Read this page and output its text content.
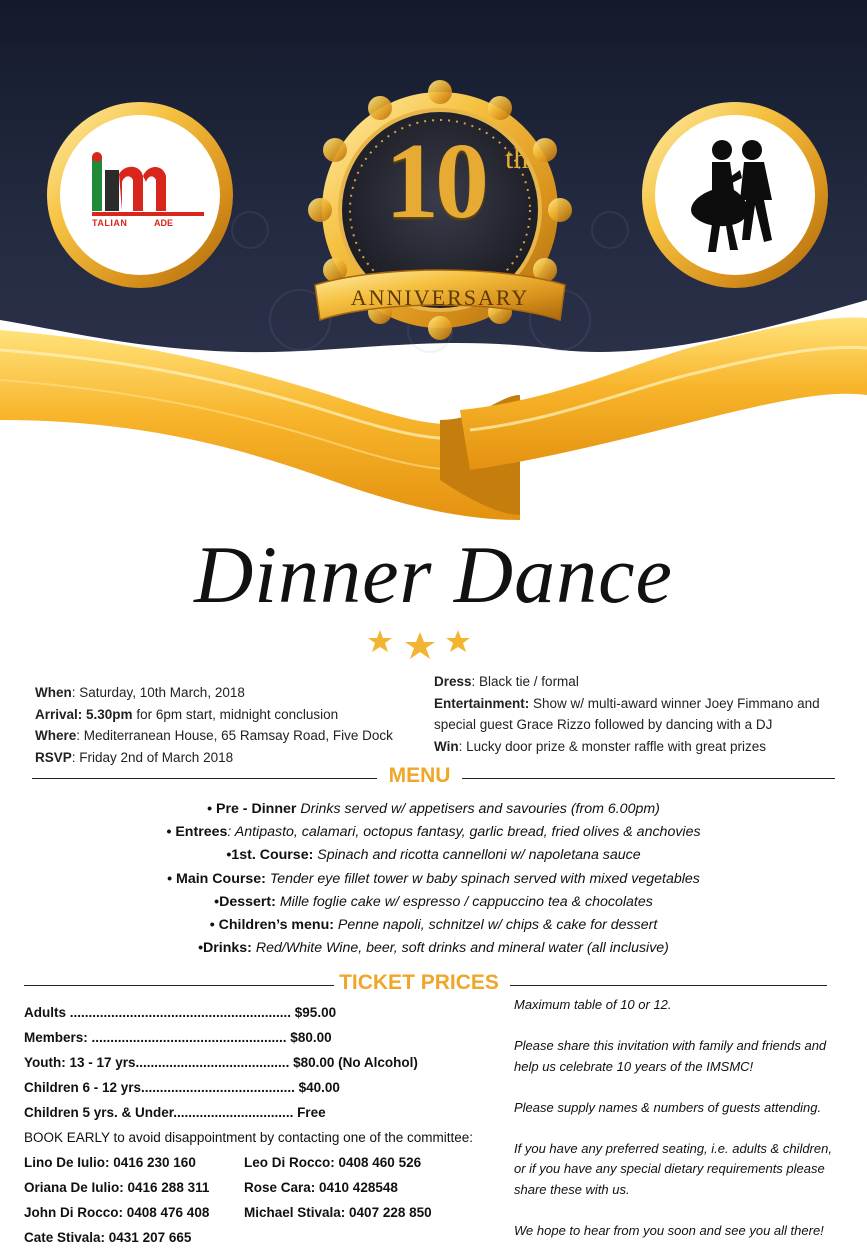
ANNIVERSARY
10 th
TALIAN	ADE
Dinner Dance
When: Saturday, 10th March, 2018
Arrival: 5.30pm for 6pm start, midnight conclusion
Where: Mediterranean House, 65 Ramsay Road, Five Dock
RSVP: Friday 2nd of March 2018
Dress: Black tie / formal
Entertainment: Show w/ multi-award winner Joey Fimmano and
special guest Grace Rizzo followed by dancing with a DJ
Win: Lucky door prize & monster raffle with great prizes
MENU
• Pre - Dinner Drinks served w/ appetisers and savouries (from 6.00pm)
• Entrees: Antipasto, calamari, octopus fantasy, garlic bread, fried olives & anchovies
•1st. Course: Spinach and ricotta cannelloni w/ napoletana sauce
• Main Course: Tender eye fillet tower w baby spinach served with mixed vegetables
•Dessert: Mille foglie cake w/ espresso / cappuccino tea & chocolates
• Children’s menu: Penne napoli, schnitzel w/ chips & cake for dessert
•Drinks: Red/White Wine, beer, soft drinks and mineral water (all inclusive)
TICKET PRICES
Adults ........................................................... $95.00
Members: .................................................... $80.00
Youth: 13 - 17 yrs......................................... $80.00 (No Alcohol)
Children 6 - 12 yrs......................................... $40.00
Children 5 yrs. & Under................................ Free
BOOK EARLY to avoid disappointment by contacting one of the committee:
Lino De Iulio: 0416 230 160	Leo Di Rocco: 0408 460 526
Oriana De Iulio: 0416 288 311	Rose Cara: 0410 428548
John Di Rocco: 0408 476 408	Michael Stivala: 0407 228 850
Cate Stivala: 0431 207 665

Maximum table of 10 or 12.

Please share this invitation with family and friends and help us celebrate 10 years of the IMSMC!

Please supply names & numbers of guests attending.

If you have any preferred seating, i.e. adults & children, or if you have any special dietary requirements please share these with us.

We hope to hear from you soon and see you all there!
